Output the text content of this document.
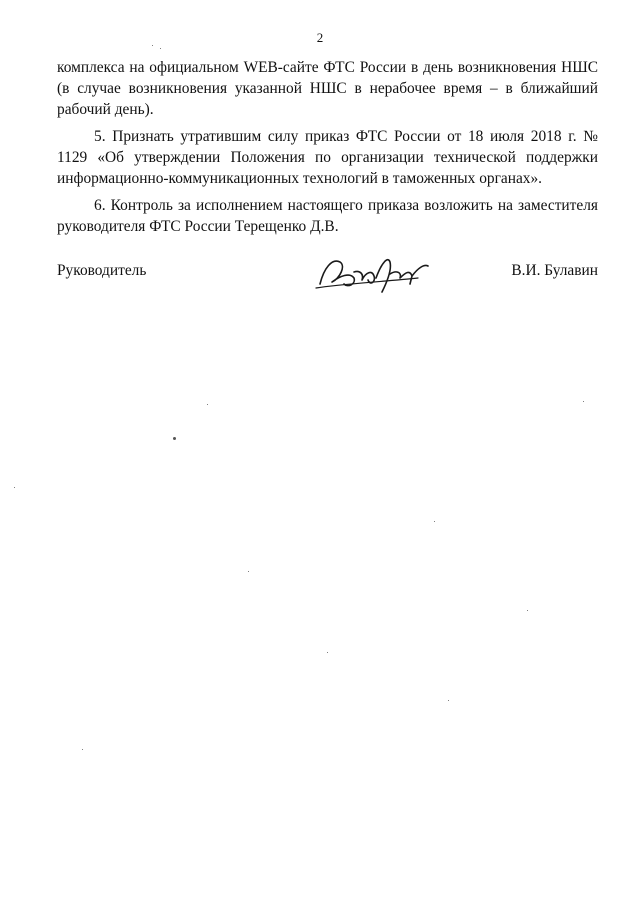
2

комплекса на официальном WEB-сайте ФТС России в день возникновения НШС (в случае возникновения указанной НШС в нерабочее время – в ближайший рабочий день).

5. Признать утратившим силу приказ ФТС России от 18 июля 2018 г. № 1129 «Об утверждении Положения по организации технической поддержки информационно-коммуникационных технологий в таможенных органах».

6. Контроль за исполнением настоящего приказа возложить на заместителя руководителя ФТС России Терещенко Д.В.

Руководитель	В.И. Булавин
